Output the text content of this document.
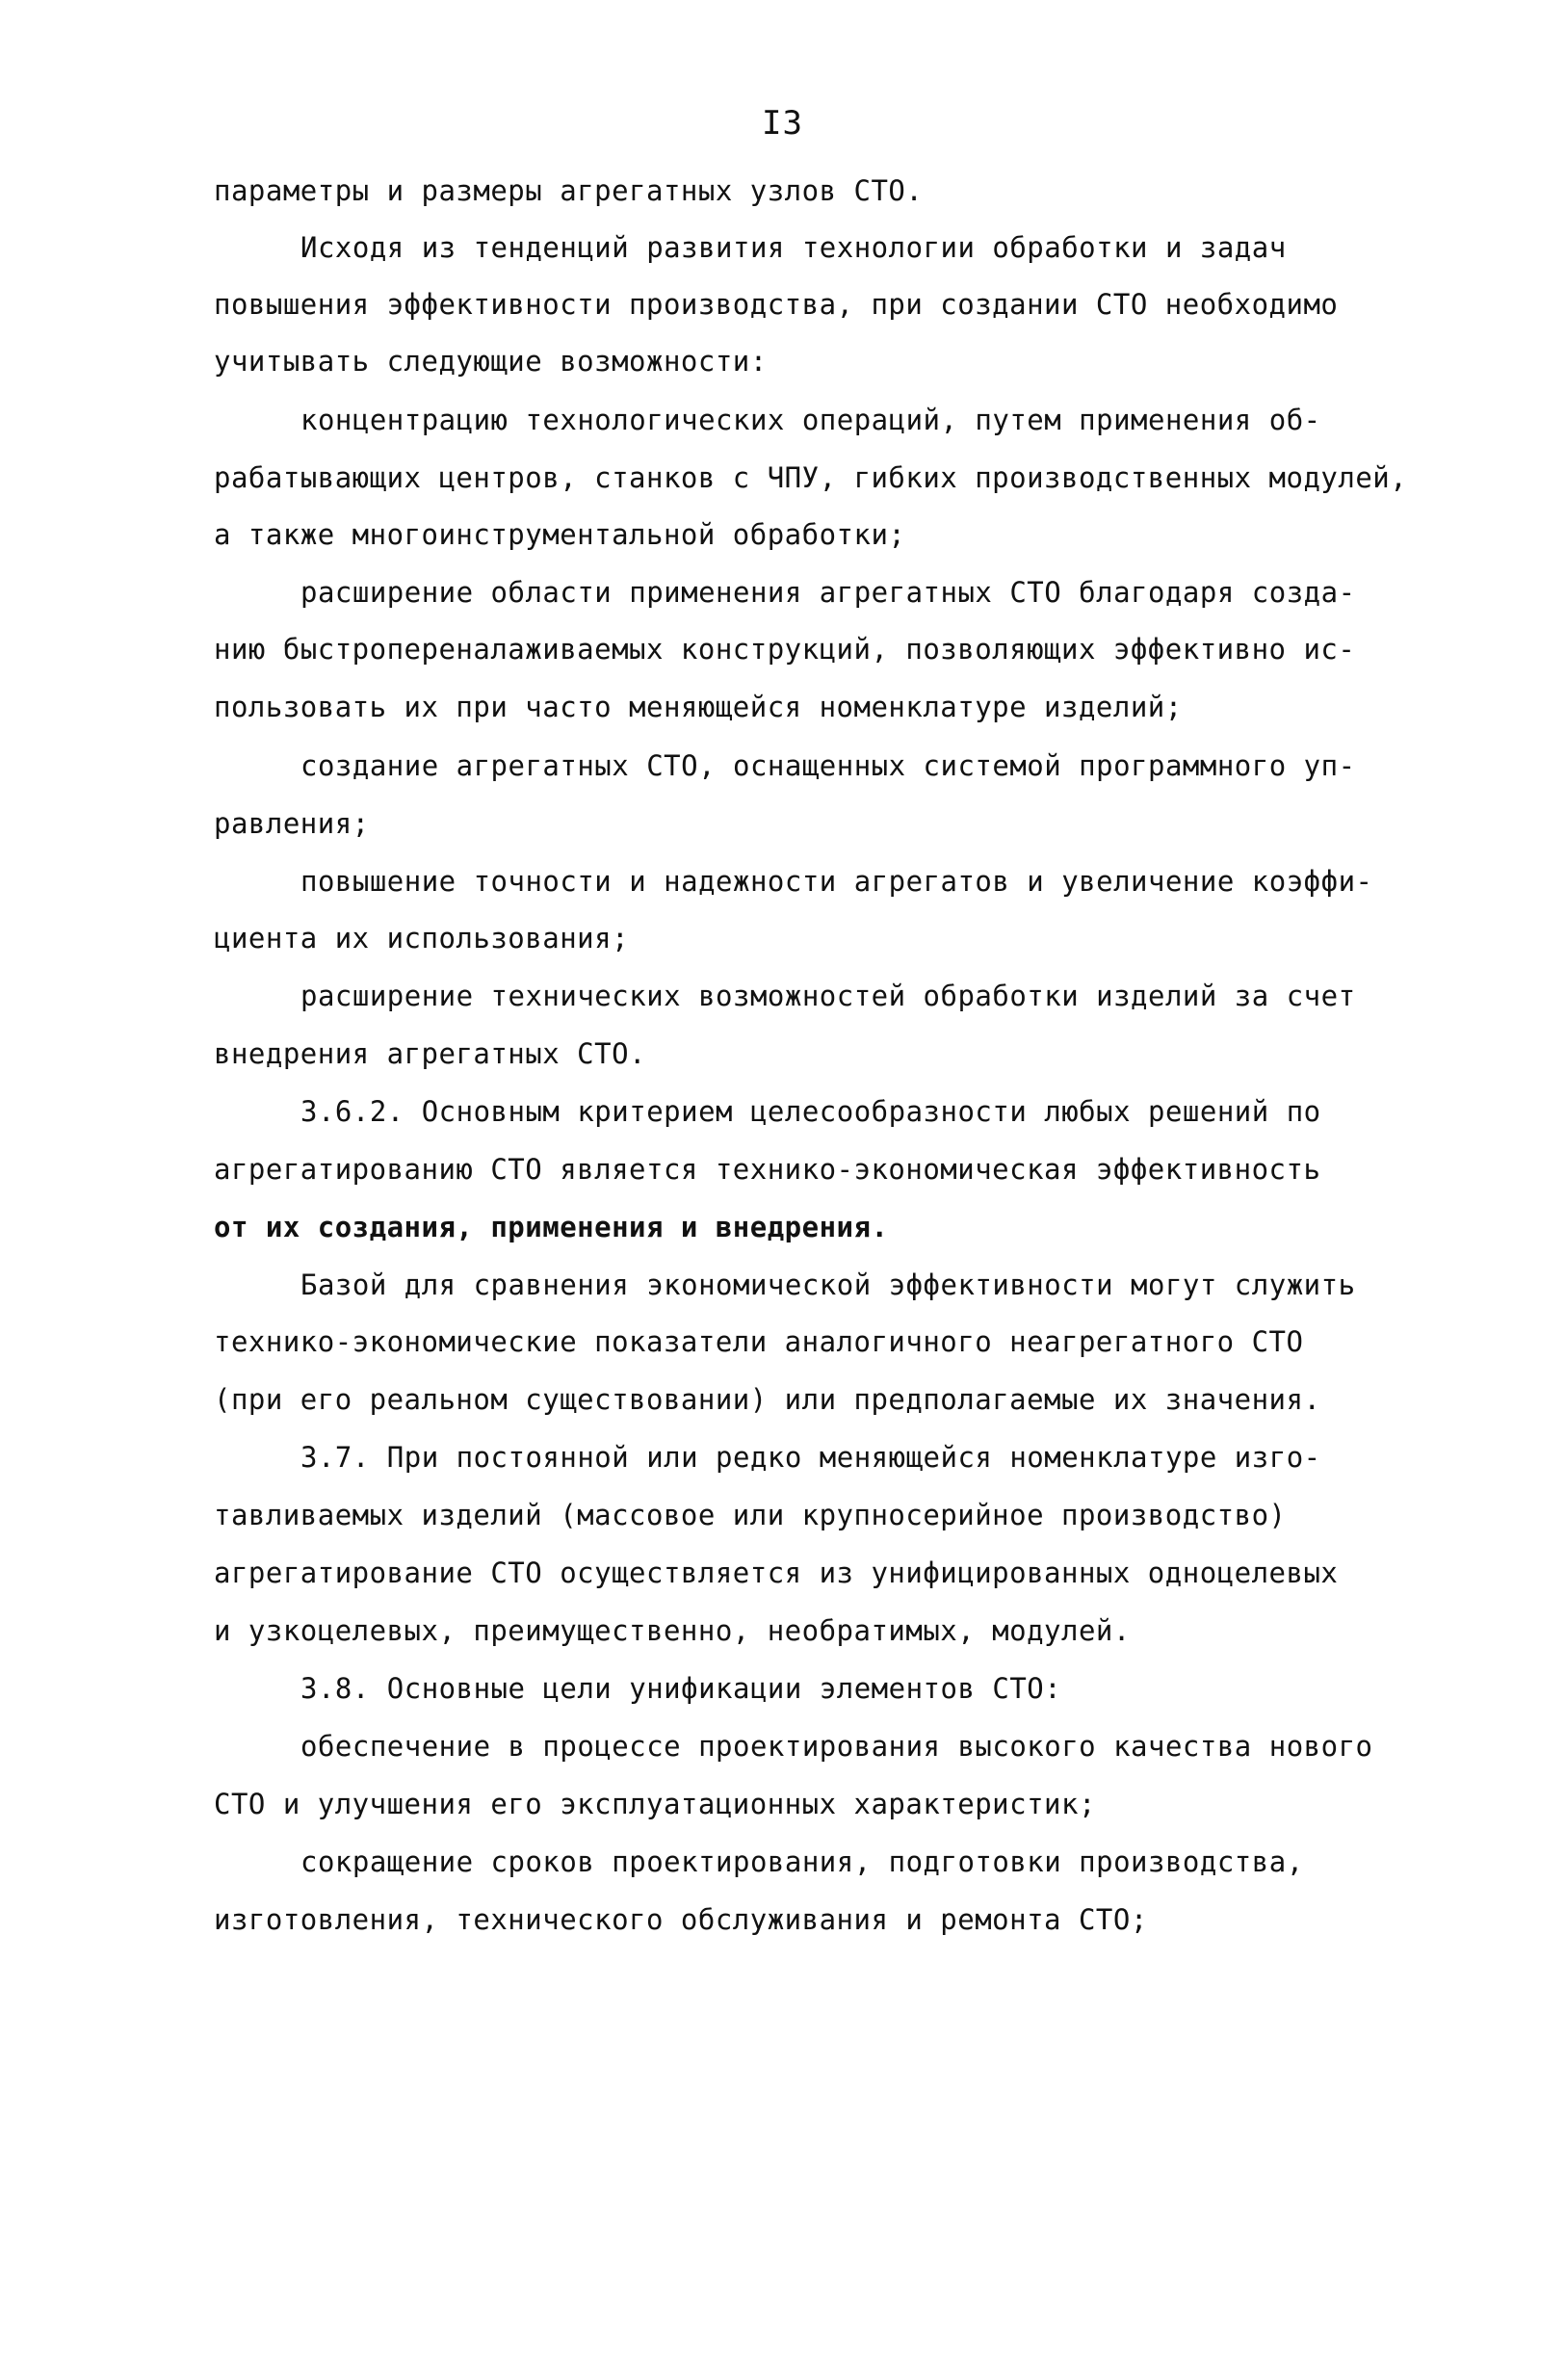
I3
параметры и размеры агрегатных узлов СТО.
Исходя из тенденций развития технологии обработки и задач
повышения эффективности производства, при создании СТО необходимо
учитывать следующие возможности:
концентрацию технологических операций, путем применения об-
рабатывающих центров, станков с ЧПУ, гибких производственных модулей,
а также многоинструментальной обработки;
расширение области применения агрегатных СТО благодаря созда-
нию быстропереналаживаемых конструкций, позволяющих эффективно ис-
пользовать их при часто меняющейся номенклатуре изделий;
создание агрегатных СТО, оснащенных системой программного уп-
равления;
повышение точности и надежности агрегатов и увеличение коэффи-
циента их использования;
расширение технических возможностей обработки изделий за счет
внедрения агрегатных СТО.
3.6.2. Основным критерием целесообразности любых решений по
агрегатированию СТО является технико-экономическая эффективность
от их создания, применения и внедрения.
Базой для сравнения экономической эффективности могут служить
технико-экономические показатели аналогичного неагрегатного СТО
(при его реальном существовании) или предполагаемые их значения.
3.7. При постоянной или редко меняющейся номенклатуре изго-
тавливаемых изделий (массовое или крупносерийное производство)
агрегатирование СТО осуществляется из унифицированных одноцелевых
и узкоцелевых, преимущественно, необратимых, модулей.
3.8. Основные цели унификации элементов СТО:
обеспечение в процессе проектирования высокого качества нового
СТО и улучшения его эксплуатационных характеристик;
сокращение сроков проектирования, подготовки производства,
изготовления, технического обслуживания и ремонта СТО;
